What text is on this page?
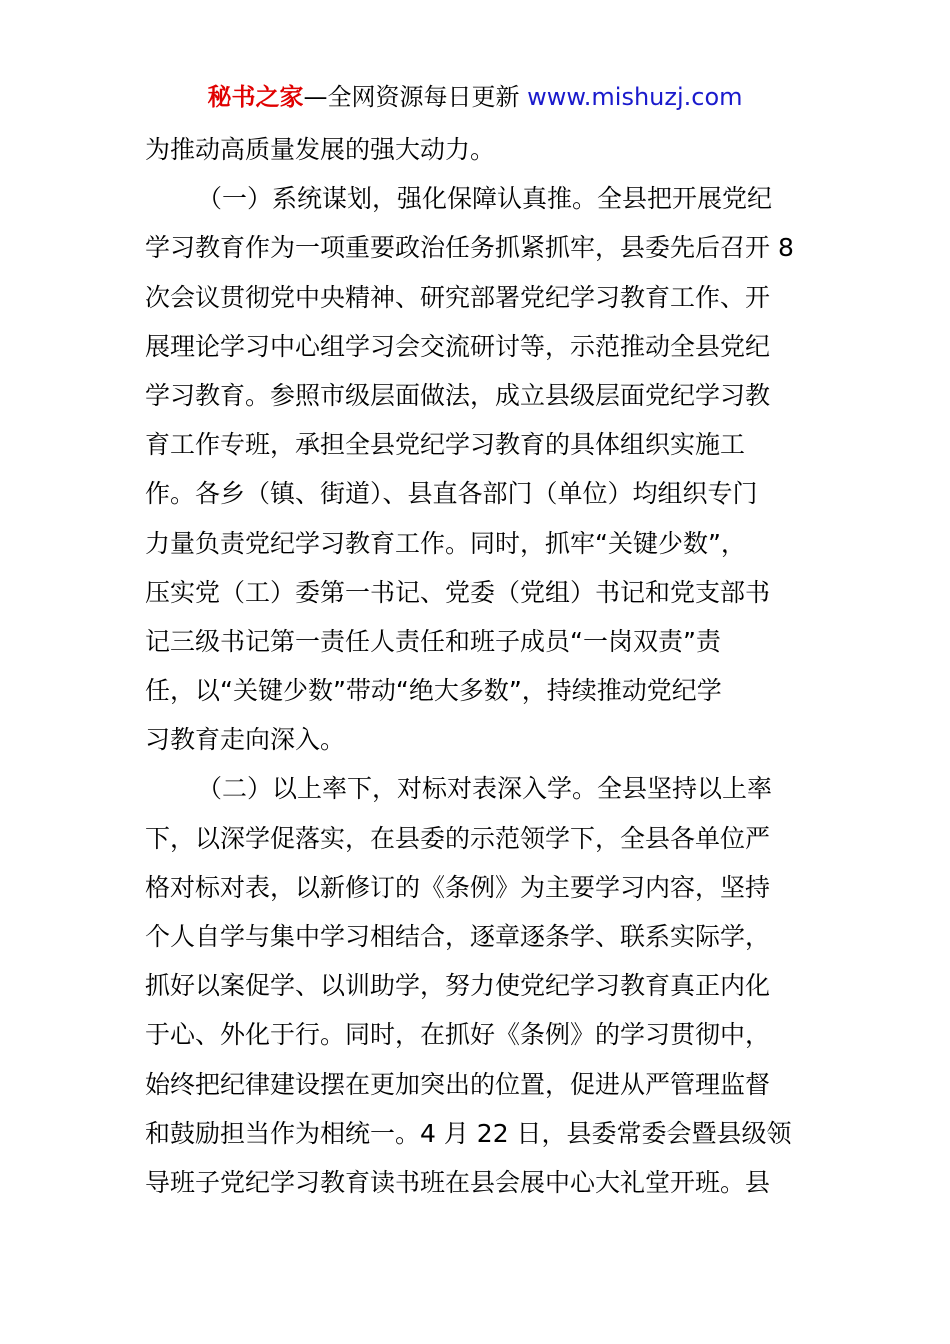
秘书之家—全网资源每日更新 www.mishuzj.com
为推动高质量发展的强大动力。
（一）系统谋划，强化保障认真推。全县把开展党纪
学习教育作为一项重要政治任务抓紧抓牢，县委先后召开 8
次会议贯彻党中央精神、研究部署党纪学习教育工作、开
展理论学习中心组学习会交流研讨等，示范推动全县党纪
学习教育。参照市级层面做法，成立县级层面党纪学习教
育工作专班，承担全县党纪学习教育的具体组织实施工
作。各乡（镇、街道）、县直各部门（单位）均组织专门
力量负责党纪学习教育工作。同时，抓牢“关键少数”，
压实党（工）委第一书记、党委（党组）书记和党支部书
记三级书记第一责任人责任和班子成员“一岗双责”责
任，以“关键少数”带动“绝大多数”，持续推动党纪学
习教育走向深入。
（二）以上率下，对标对表深入学。全县坚持以上率
下，以深学促落实，在县委的示范领学下，全县各单位严
格对标对表，以新修订的《条例》为主要学习内容，坚持
个人自学与集中学习相结合，逐章逐条学、联系实际学，
抓好以案促学、以训助学，努力使党纪学习教育真正内化
于心、外化于行。同时，在抓好《条例》的学习贯彻中，
始终把纪律建设摆在更加突出的位置，促进从严管理监督
和鼓励担当作为相统一。4 月 22 日，县委常委会暨县级领
导班子党纪学习教育读书班在县会展中心大礼堂开班。县
